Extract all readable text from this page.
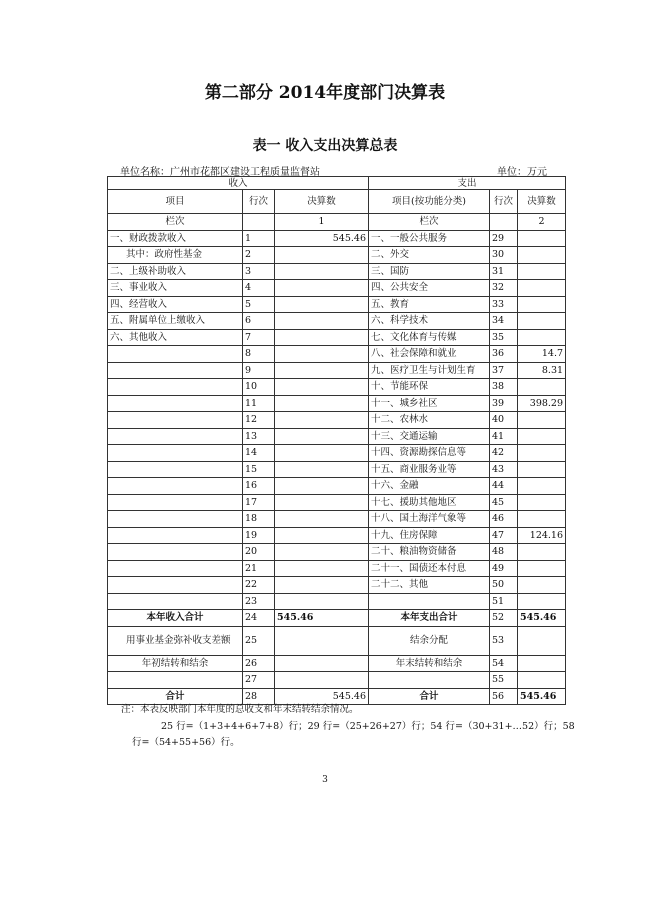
第二部分 2014年度部门决算表
表一 收入支出决算总表
单位名称：广州市花都区建设工程质量监督站	单位：万元
收入			支出		
项目	行次	决算数	项目(按功能分类)	行次	决算数
栏次		1	栏次		2
一、财政拨款收入	1	545.46	一、一般公共服务	29	
其中：政府性基金	2		二、外交	30	
二、上级补助收入	3		三、国防	31	
三、事业收入	4		四、公共安全	32	
四、经营收入	5		五、教育	33	
五、附属单位上缴收入	6		六、科学技术	34	
六、其他收入	7		七、文化体育与传媒	35	
	8		八、社会保障和就业	36	14.7
	9		九、医疗卫生与计划生育	37	8.31
	10		十、节能环保	38	
	11		十一、城乡社区	39	398.29
	12		十二、农林水	40	
	13		十三、交通运输	41	
	14		十四、资源勘探信息等	42	
	15		十五、商业服务业等	43	
	16		十六、金融	44	
	17		十七、援助其他地区	45	
	18		十八、国土海洋气象等	46	
	19		十九、住房保障	47	124.16
	20		二十、粮油物资储备	48	
	21		二十一、国债还本付息	49	
	22		二十二、其他	50	
	23			51	
本年收入合计	24	545.46	本年支出合计	52	545.46
用事业基金弥补收支差额	25		结余分配	53	
年初结转和结余	26		年末结转和结余	54	
	27			55	
合计	28	545.46	合计	56	545.46
注：本表反映部门本年度的总收支和年末结转结余情况。
25 行=（1+3+4+6+7+8）行；29 行=（25+26+27）行；54 行=（30+31+…52）行；58
行=（54+55+56）行。
3
